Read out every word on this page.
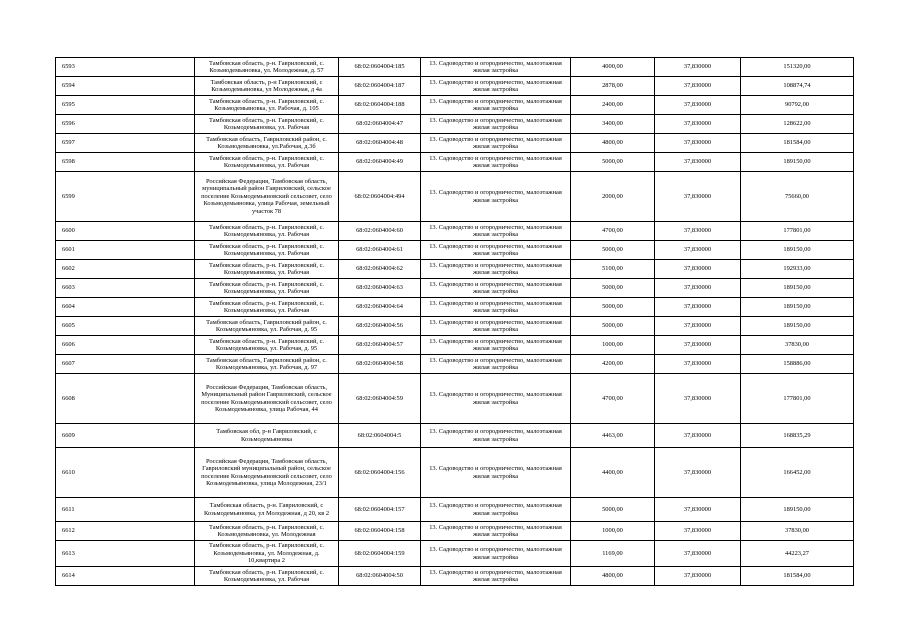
6593	Тамбовская область, р-н. Гавриловский, с. Козьмодемьяновка, ул. Молодежная, д. 57	68:02:0604004:185	13. Садоводство и огородничество, малоэтажная жилая застройка	4000,00	37,830000	151320,00
6594	Тамбовская область, р-н Гавриловский, с Козьмодемьяновка, ул Молодежная, д 4а	68:02:0604004:187	13. Садоводство и огородничество, малоэтажная жилая застройка	2878,00	37,830000	108874,74
6595	Тамбовская область, р-н. Гавриловский, с. Козьмодемьяновка, ул. Рабочая, д. 105	68:02:0604004:188	13. Садоводство и огородничество, малоэтажная жилая застройка	2400,00	37,830000	90792,00
6596	Тамбовская область, р-н. Гавриловский, с. Козьмодемьяновка, ул. Рабочая	68:02:0604004:47	13. Садоводство и огородничество, малоэтажная жилая застройка	3400,00	37,830000	128622,00
6597	Тамбовская область, Гавриловский район, с. Козьмодемьяновка, ул.Рабочая, д.3б	68:02:0604004:48	13. Садоводство и огородничество, малоэтажная жилая застройка	4800,00	37,830000	181584,00
6598	Тамбовская область, р-н. Гавриловский, с. Козьмодемьяновка, ул. Рабочая	68:02:0604004:49	13. Садоводство и огородничество, малоэтажная жилая застройка	5000,00	37,830000	189150,00
6599	Российская Федерация, Тамбовская область, муниципальный район Гавриловский, сельское поселение Козьмодемьяновский сельсовет, село Козьмодемьяновка, улица Рабочая, земельный участок 78	68:02:0604004:494	13. Садоводство и огородничество, малоэтажная жилая застройка	2000,00	37,830000	75660,00
6600	Тамбовская область, р-н. Гавриловский, с. Козьмодемьяновка, ул. Рабочая	68:02:0604004:60	13. Садоводство и огородничество, малоэтажная жилая застройка	4700,00	37,830000	177801,00
6601	Тамбовская область, р-н. Гавриловский, с. Козьмодемьяновка, ул. Рабочая	68:02:0604004:61	13. Садоводство и огородничество, малоэтажная жилая застройка	5000,00	37,830000	189150,00
6602	Тамбовская область, р-н. Гавриловский, с. Козьмодемьяновка, ул. Рабочая	68:02:0604004:62	13. Садоводство и огородничество, малоэтажная жилая застройка	5100,00	37,830000	192933,00
6603	Тамбовская область, р-н. Гавриловский, с. Козьмодемьяновка, ул. Рабочая	68:02:0604004:63	13. Садоводство и огородничество, малоэтажная жилая застройка	5000,00	37,830000	189150,00
6604	Тамбовская область, р-н. Гавриловский, с. Козьмодемьяновка, ул. Рабочая	68:02:0604004:64	13. Садоводство и огородничество, малоэтажная жилая застройка	5000,00	37,830000	189150,00
6605	Тамбовская область, Гавриловский район, с. Козьмодемьяновка, ул. Рабочая, д. 95	68:02:0604004:56	13. Садоводство и огородничество, малоэтажная жилая застройка	5000,00	37,830000	189150,00
6606	Тамбовская область, р-н. Гавриловский, с. Козьмодемьяновка, ул. Рабочая, д. 95	68:02:0604004:57	13. Садоводство и огородничество, малоэтажная жилая застройка	1000,00	37,830000	37830,00
6607	Тамбовская область, Гавриловский район, с. Козьмодемьяновка, ул. Рабочая, д. 97	68:02:0604004:58	13. Садоводство и огородничество, малоэтажная жилая застройка	4200,00	37,830000	158886,00
6608	Российская Федерация, Тамбовская область, Муниципальный район Гавриловский, сельское поселение Козьмодемьяновский сельсовет, село Козьмодемьяновка, улица Рабочая, 44	68:02:0604004:59	13. Садоводство и огородничество, малоэтажная жилая застройка	4700,00	37,830000	177801,00
6609	Тамбовская обл, р-н Гавриловский, с Козьмодемьяновка	68:02:0604004:5	13. Садоводство и огородничество, малоэтажная жилая застройка	4463,00	37,830000	168835,29
6610	Российская Федерация, Тамбовская область, Гавриловский муниципальный район, сельское поселение Козьмодемьяновский сельсовет, село Козьмодемьяновка, улица Молодежная, 23/1	68:02:0604004:156	13. Садоводство и огородничество, малоэтажная жилая застройка	4400,00	37,830000	166452,00
6611	Тамбовская область, р-н. Гавриловский, с Козьмодемьяновка, ул Молодежная, д 20, кв 2	68:02:0604004:157	13. Садоводство и огородничество, малоэтажная жилая застройка	5000,00	37,830000	189150,00
6612	Тамбовская область, р-н. Гавриловский, с. Козьмодемьяновка, ул. Молодежная	68:02:0604004:158	13. Садоводство и огородничество, малоэтажная жилая застройка	1000,00	37,830000	37830,00
6613	Тамбовская область, р-н. Гавриловский, с. Козьмодемьяновка, ул. Молодежная, д. 10,квартира 2	68:02:0604004:159	13. Садоводство и огородничество, малоэтажная жилая застройка	1169,00	37,830000	44223,27
6614	Тамбовская область, р-н. Гавриловский, с. Козьмодемьяновка, ул. Рабочая	68:02:0604004:50	13. Садоводство и огородничество, малоэтажная жилая застройка	4800,00	37,830000	181584,00
